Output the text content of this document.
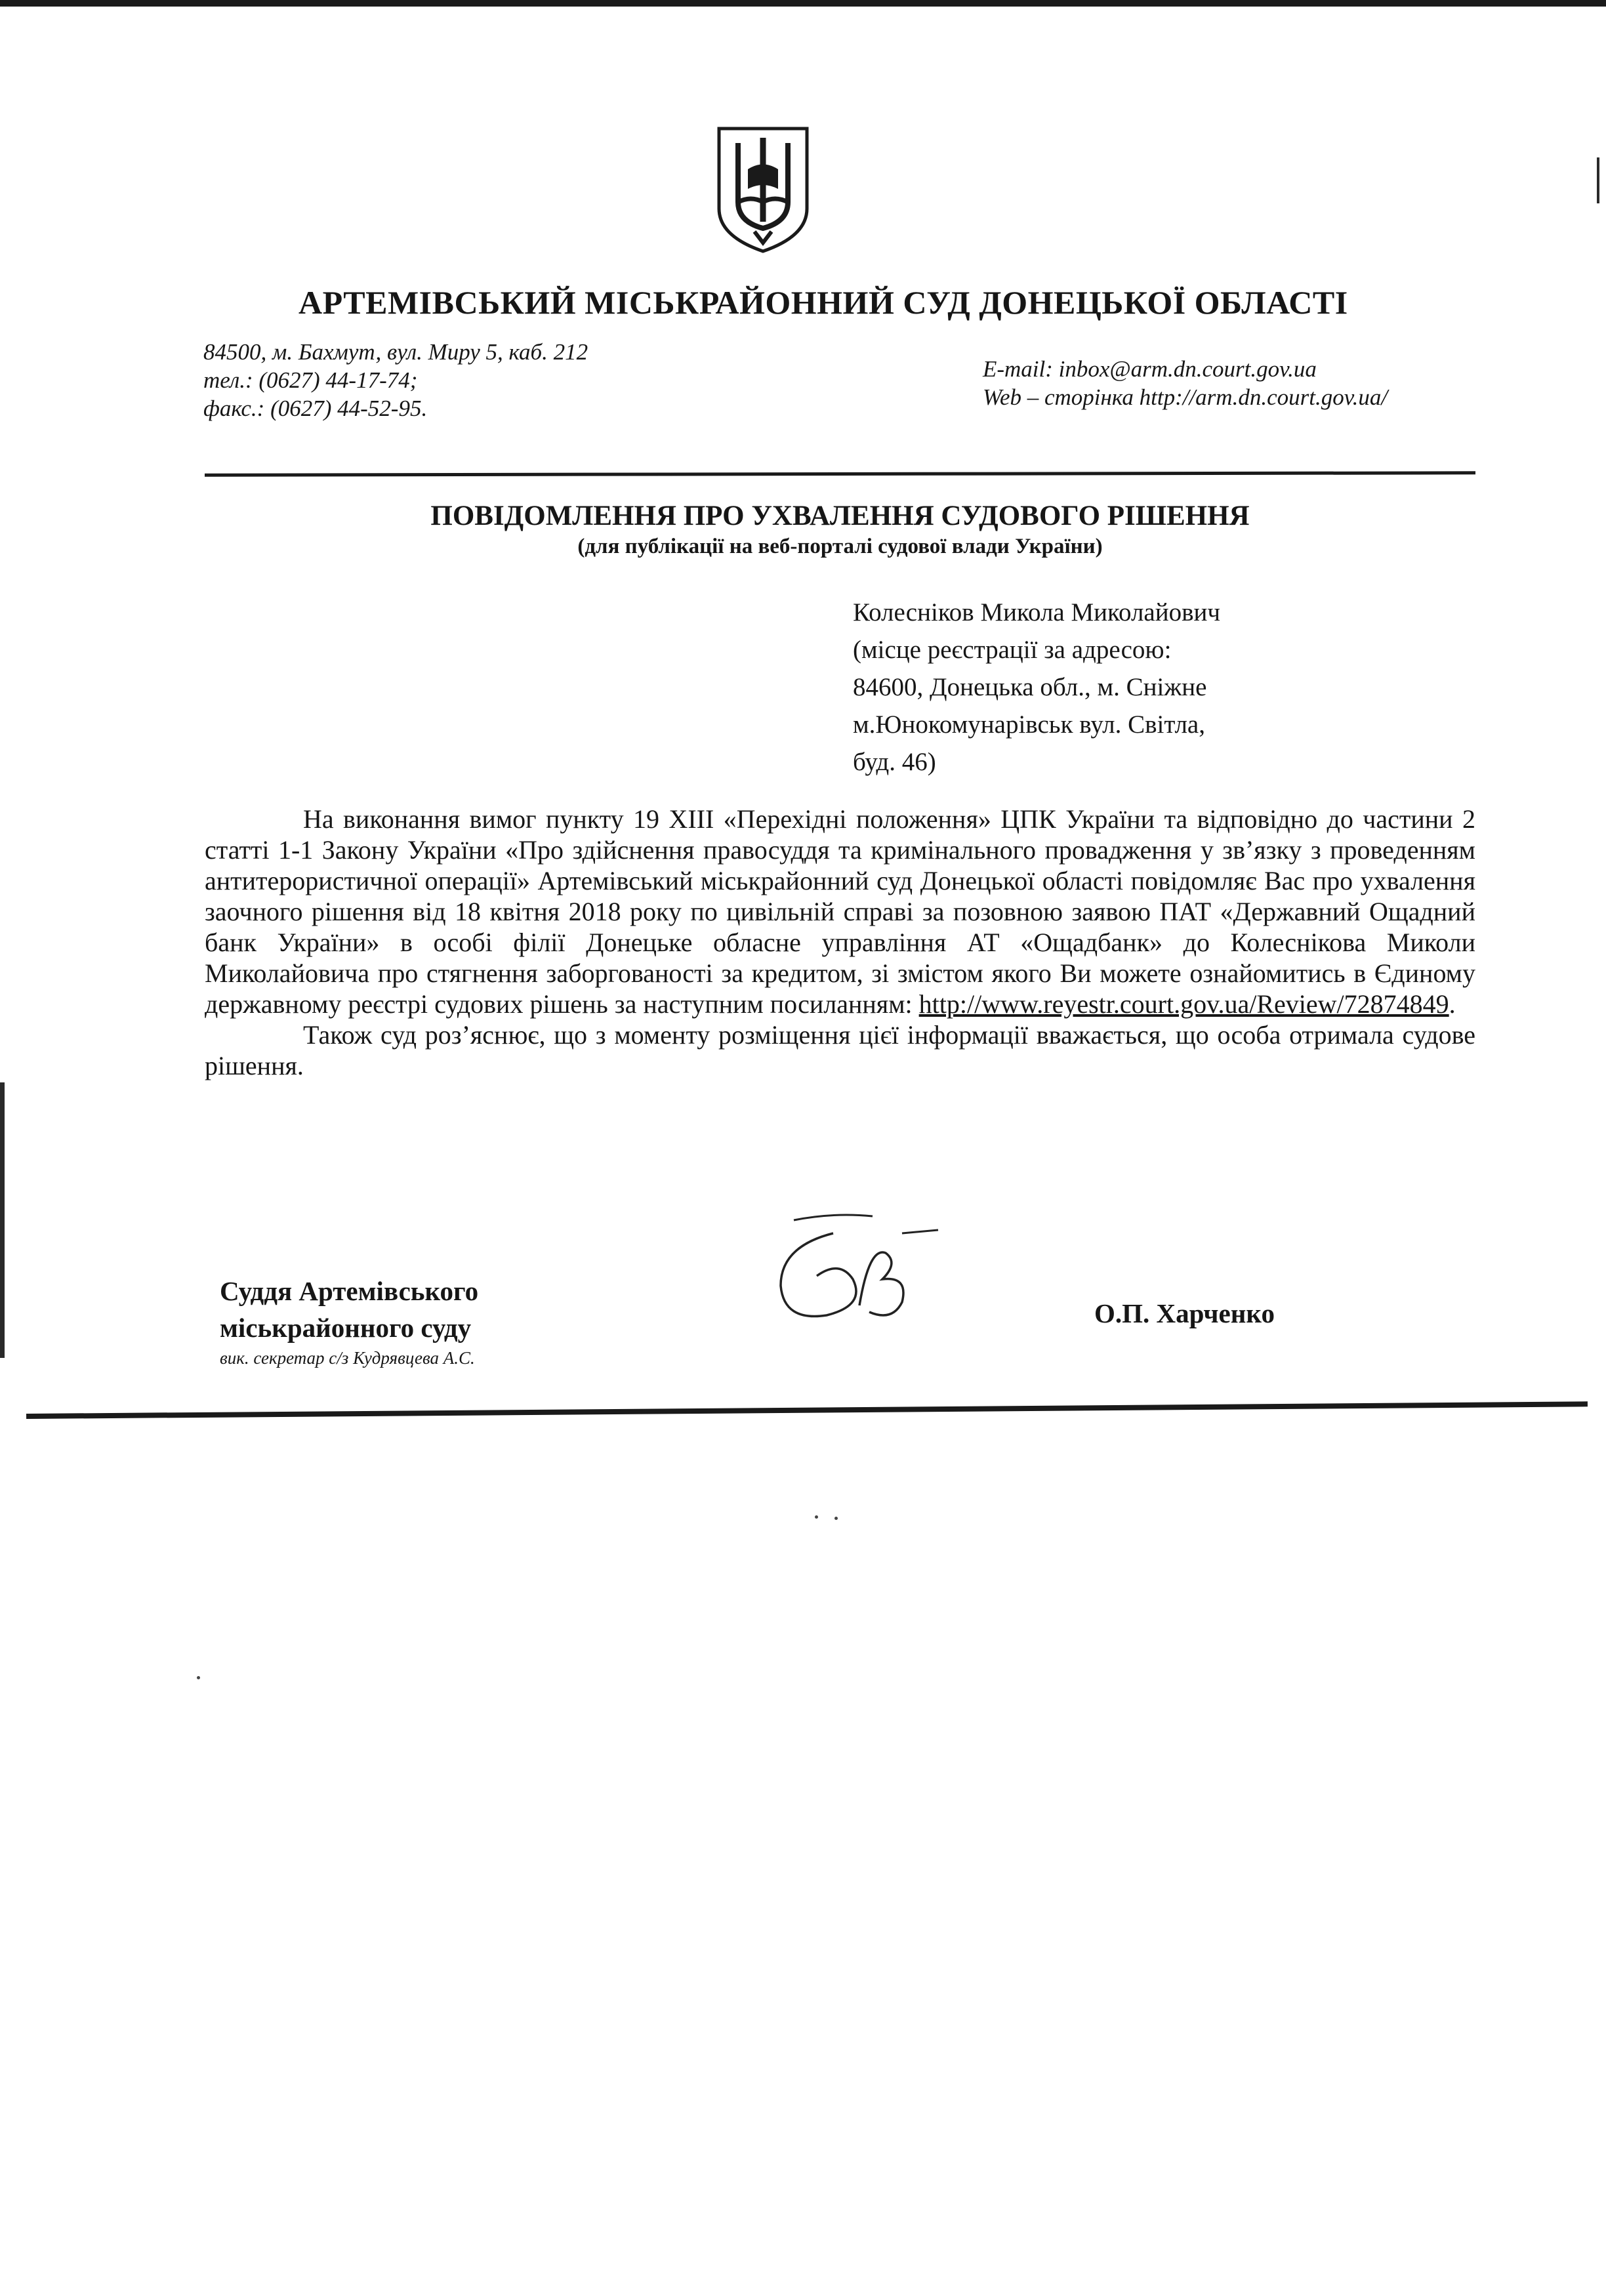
АРТЕМІВСЬКИЙ МІСЬКРАЙОННИЙ СУД ДОНЕЦЬКОЇ ОБЛАСТІ
84500, м. Бахмут, вул. Миру 5, каб. 212
тел.: (0627) 44-17-74;
факс.: (0627) 44-52-95.
E-mail: inbox@arm.dn.court.gov.ua
Web – сторінка http://arm.dn.court.gov.ua/
ПОВІДОМЛЕННЯ ПРО УХВАЛЕННЯ СУДОВОГО РІШЕННЯ
(для публікації на веб-порталі судової влади України)
Колесніков Микола Миколайович
(місце реєстрації за адресою:
84600, Донецька обл., м. Сніжне
м.Юнокомунарівськ вул. Світла,
буд. 46)

На виконання вимог пункту 19 XIII «Перехідні положення» ЦПК України та відповідно до частини 2 статті 1-1 Закону України «Про здійснення правосуддя та кримінального провадження у зв’язку з проведенням антитерористичної операції» Артемівський міськрайонний суд Донецької області повідомляє Вас про ухвалення заочного рішення від 18 квітня 2018 року по цивільній справі за позовною заявою ПАТ «Державний Ощадний банк України» в особі філії Донецьке обласне управління АТ «Ощадбанк» до Колеснікова Миколи Миколайовича про стягнення заборгованості за кредитом, зі змістом якого Ви можете ознайомитись в Єдиному державному реєстрі судових рішень за наступним посиланням: http://www.reyestr.court.gov.ua/Review/72874849.

Також суд роз’яснює, що з моменту розміщення цієї інформації вважається, що особа отримала судове рішення.

Суддя Артемівського
міськрайонного суду
вик. секретар с/з Кудрявцева А.С.
О.П. Харченко
